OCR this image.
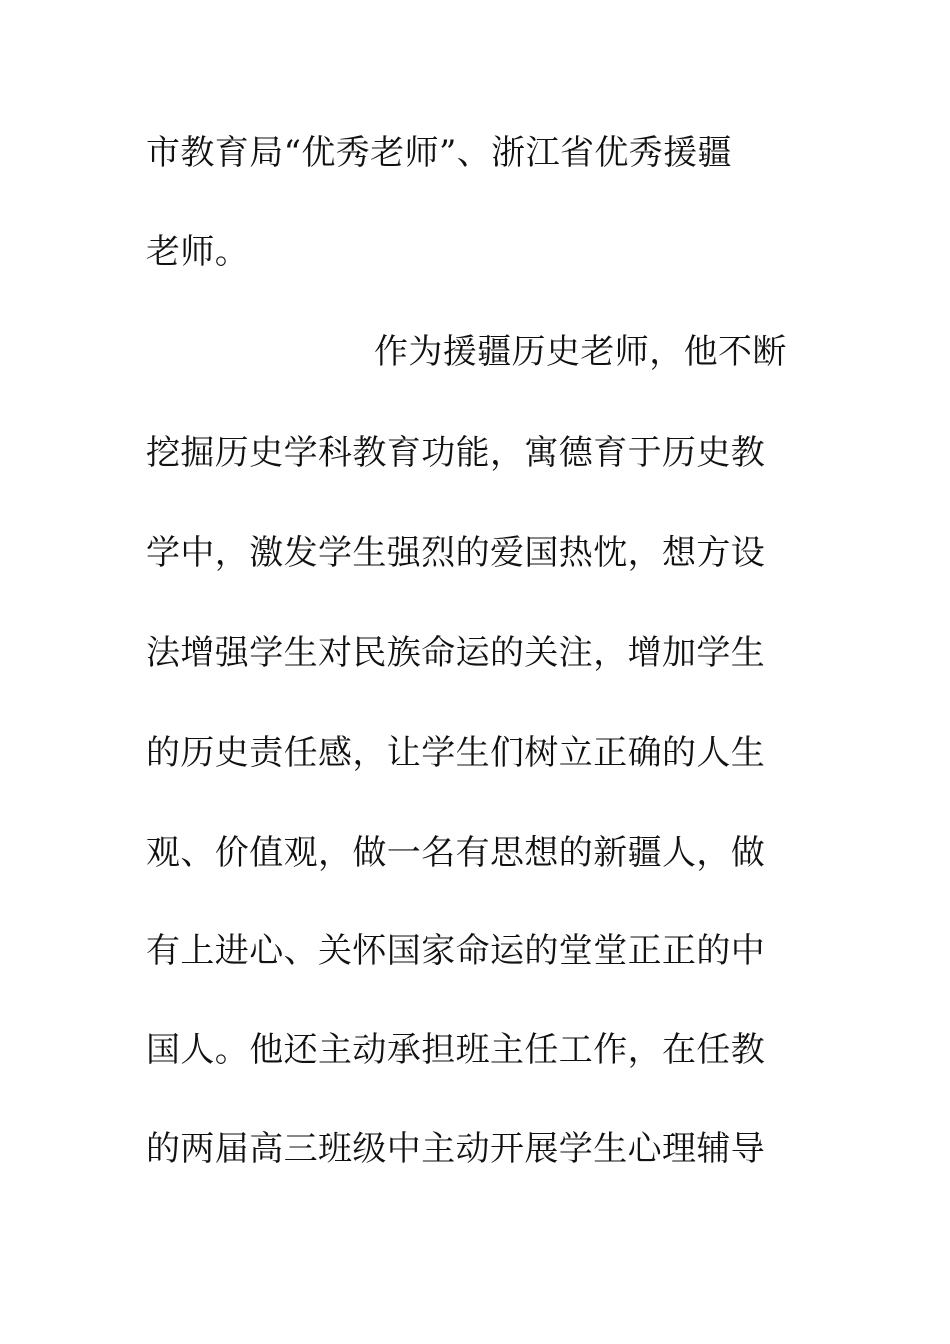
市教育局“优秀老师”、浙江省优秀援疆

老师。

作为援疆历史老师，他不断

挖掘历史学科教育功能，寓德育于历史教

学中，激发学生强烈的爱国热忱，想方设

法增强学生对民族命运的关注，增加学生

的历史责任感，让学生们树立正确的人生

观、价值观，做一名有思想的新疆人，做

有上进心、关怀国家命运的堂堂正正的中

国人。他还主动承担班主任工作，在任教

的两届高三班级中主动开展学生心理辅导
